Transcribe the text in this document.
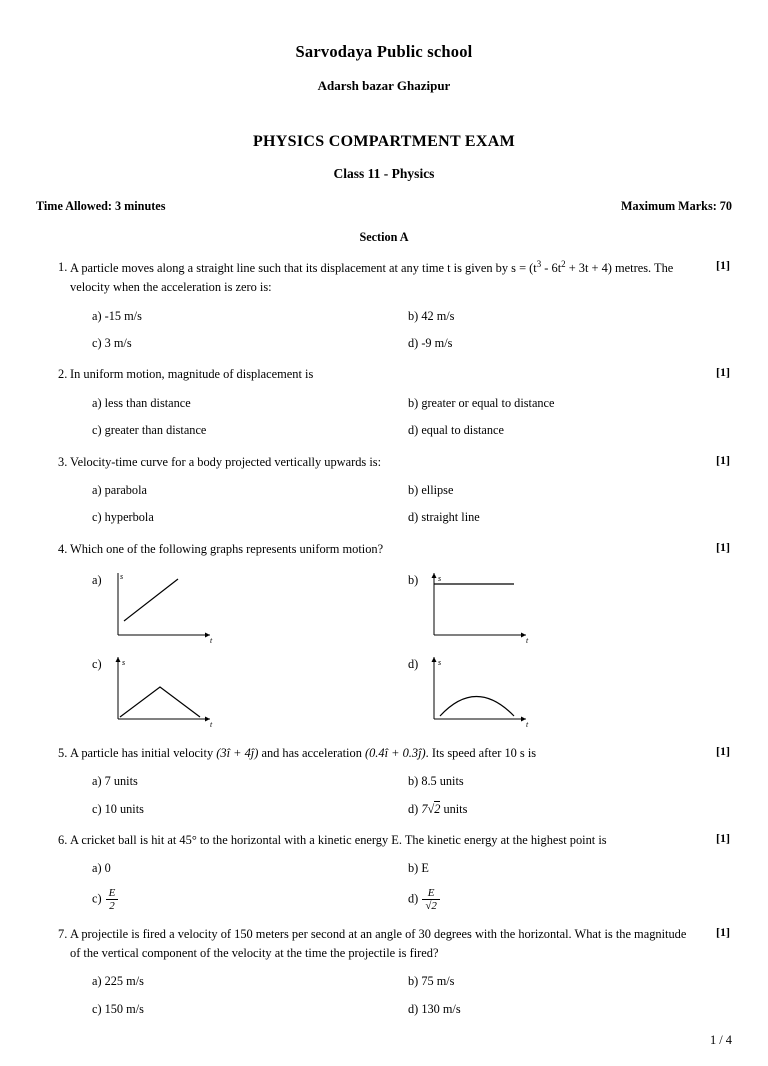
Sarvodaya Public school
Adarsh bazar Ghazipur
PHYSICS COMPARTMENT EXAM
Class 11 - Physics
Time Allowed: 3 minutes	Maximum Marks: 70
Section A
[1]
1. A particle moves along a straight line such that its displacement at any time t is given by $s = (t^3 - 6t^2 + 3t + 4)$ metres. The velocity when the acceleration is zero is:
a) -15 m/s	b) 42 m/s
c) 3 m/s	d) -9 m/s
[1]
2. In uniform motion, magnitude of displacement is
a) less than distance	b) greater or equal to distance
c) greater than distance	d) equal to distance
[1]
3. Velocity-time curve for a body projected vertically upwards is:
a) parabola	b) ellipse
c) hyperbola	d) straight line
[1]
4. Which one of the following graphs represents uniform motion?
a)	s
t
b)	s
t
c)	s
t
d)	s
t
[1]
5. A particle has initial velocity (3î + 4ĵ) and has acceleration (0.4î + 0.3ĵ). Its speed after 10 s is
a) 7 units	b) 8.5 units
c) 10 units	d) 7√2 units
[1]
6. A cricket ball is hit at 45° to the horizontal with a kinetic energy E. The kinetic energy at the highest point is
a) 0	b) E
$c) \frac{E}{2}$	$d) \frac{E}{√2}$
[1]
7. A projectile is fired a velocity of 150 meters per second at an angle of 30 degrees with the horizontal. What is the magnitude of the vertical component of the velocity at the time the projectile is fired?
a) 225 m/s	b) 75 m/s
c) 150 m/s	d) 130 m/s
1 / 4
